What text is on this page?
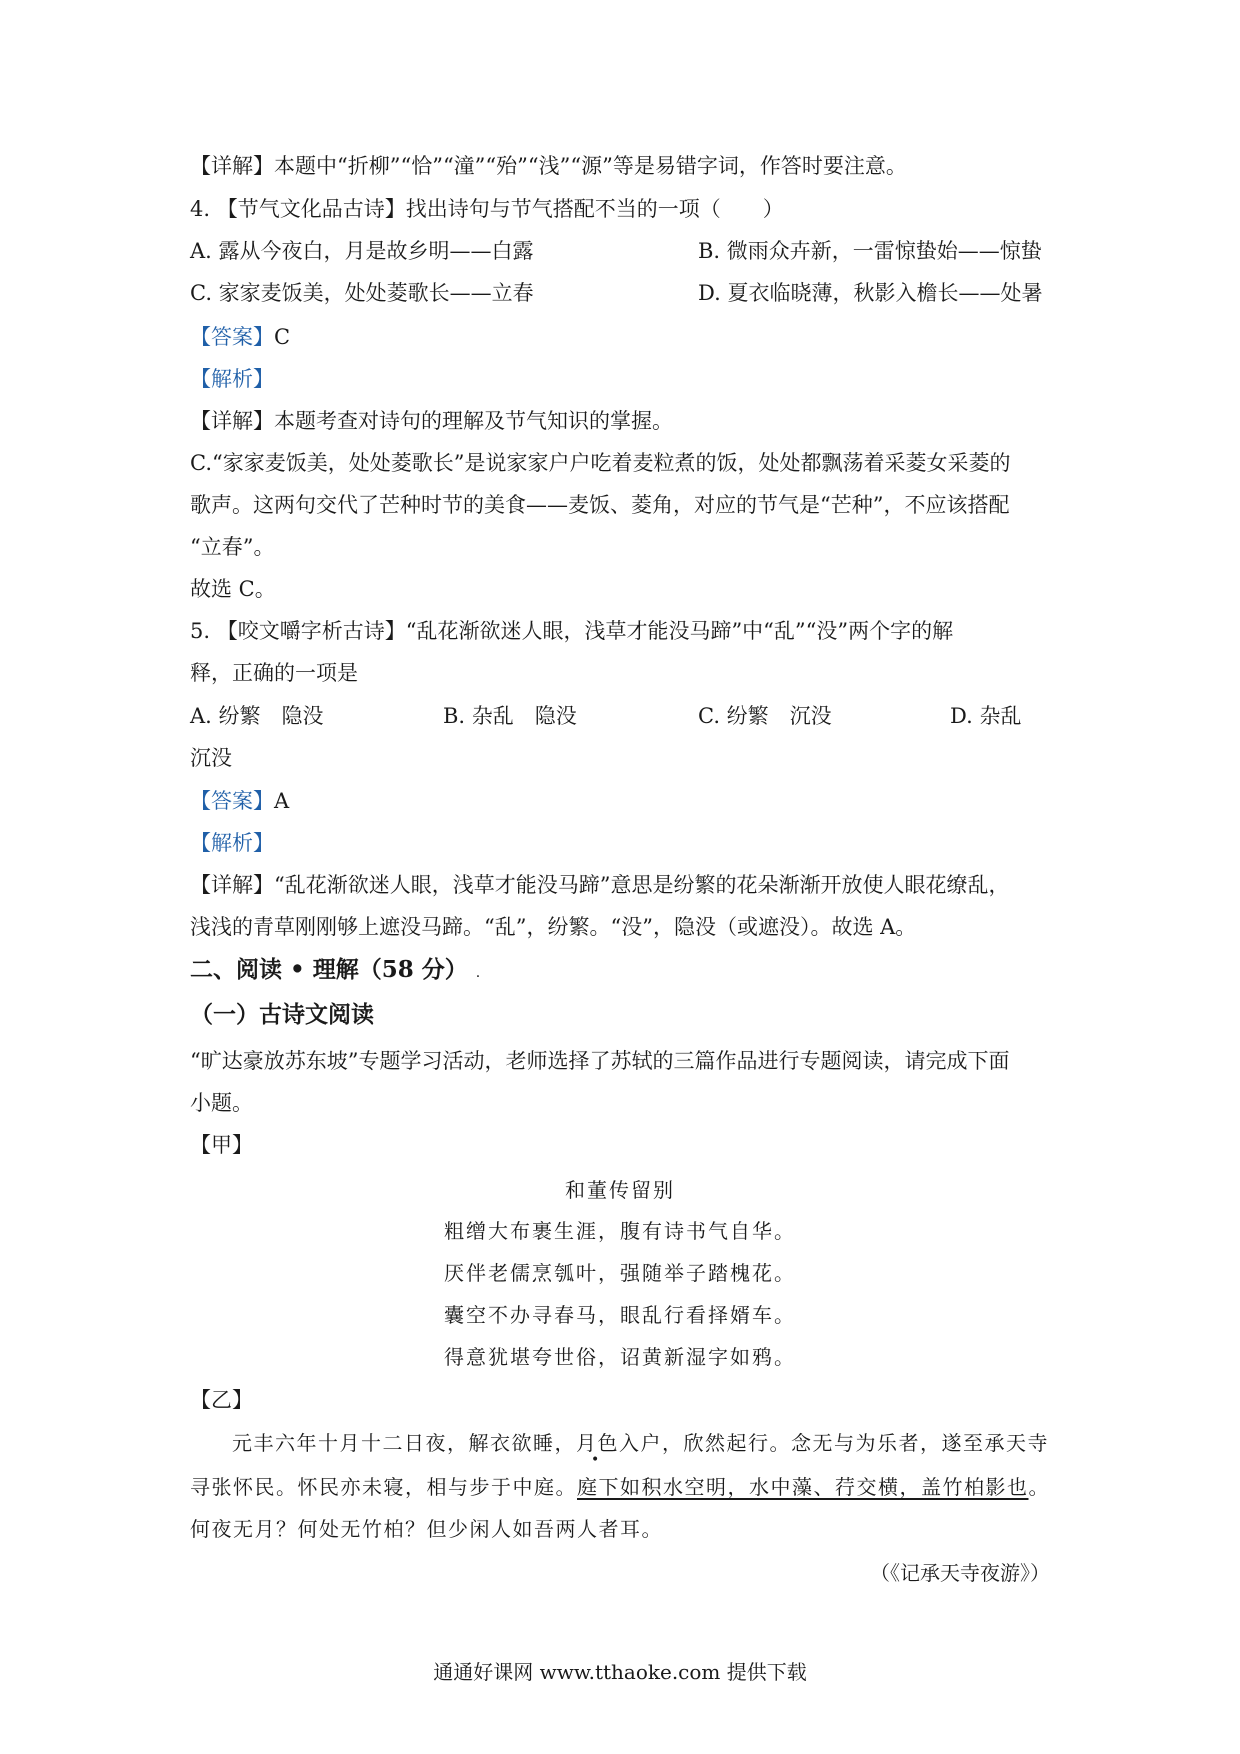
【详解】本题中“折柳”“恰”“潼”“殆”“浅”“源”等是易错字词，作答时要注意。
4. 【节气文化品古诗】找出诗句与节气搭配不当的一项（　　）
A. 露从今夜白，月是故乡明——白露	B. 微雨众卉新，一雷惊蛰始——惊蛰
C. 家家麦饭美，处处菱歌长——立春	D. 夏衣临晓薄，秋影入檐长——处暑
【答案】C
【解析】
【详解】本题考查对诗句的理解及节气知识的掌握。
C.“家家麦饭美，处处菱歌长”是说家家户户吃着麦粒煮的饭，处处都飘荡着采菱女采菱的
歌声。这两句交代了芒种时节的美食——麦饭、菱角，对应的节气是“芒种”，不应该搭配
“立春”。
故选 C。
5. 【咬文嚼字析古诗】“乱花渐欲迷人眼，浅草才能没马蹄”中“乱”“没”两个字的解
释，正确的一项是
A. 纷繁　隐没	B. 杂乱　隐没	C. 纷繁　沉没	D. 杂乱
沉没
【答案】A
【解析】
【详解】“乱花渐欲迷人眼，浅草才能没马蹄”意思是纷繁的花朵渐渐开放使人眼花缭乱，
浅浅的青草刚刚够上遮没马蹄。“乱”，纷繁。“没”，隐没（或遮没）。故选 A。
二、阅读 • 理解（58 分） .
（一）古诗文阅读
“旷达豪放苏东坡”专题学习活动，老师选择了苏轼的三篇作品进行专题阅读，请完成下面
小题。
【甲】
和董传留别
粗缯大布裹生涯，腹有诗书气自华。
厌伴老儒烹瓠叶，强随举子踏槐花。
囊空不办寻春马，眼乱行看择婿车。
得意犹堪夸世俗，诏黄新湿字如鸦。
【乙】
元丰六年十月十二日夜，解衣欲睡，月色入户，欣然起行。念无与为乐者，遂至承天寺
•
寻张怀民。怀民亦未寝，相与步于中庭。庭下如积水空明，水中藻、荇交横，盖竹柏影也。
何夜无月？何处无竹柏？但少闲人如吾两人者耳。
（《记承天寺夜游》）
通通好课网 www.tthaoke.com 提供下载
